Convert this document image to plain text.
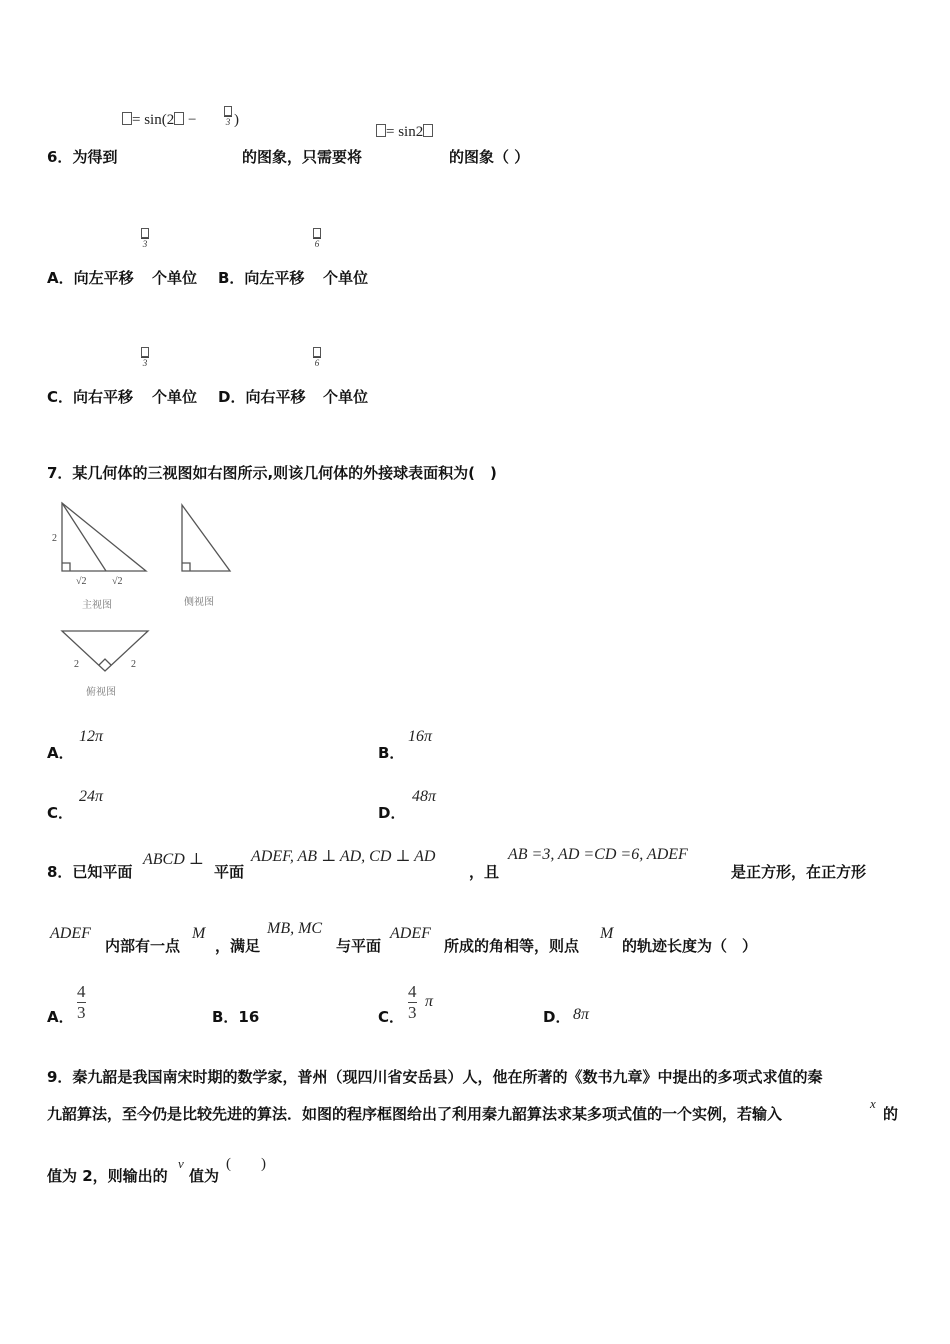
= sin(2 −	3 )
= sin2
6．为得到	的图象，只需要将	的图象（ ）
3	6
A．向左平移 个单位 B．向左平移 个单位
3	6
C．向右平移 个单位 D．向右平移 个单位
7．某几何体的三视图如右图所示,则该几何体的外接球表面积为(　)
2
√2	√2
主视图	侧视图
2	2
俯视图
A．
12π
B．
16π
C．
24π
D．
48π
8．已知平面
ABCD ⊥
平面
ADEF, AB ⊥ AD, CD ⊥ AD
，且
AB =3, AD =CD =6, ADEF
是正方形，在正方形
ADEF
内部有一点
M
，满足
MB, MC
与平面
ADEF
所成的角相等，则点
M
的轨迹长度为（　）
A．
4
3	B．16	C．
4
3
π
D． 8π
9．秦九韶是我国南宋时期的数学家，普州（现四川省安岳县）人，他在所著的《数书九章》中提出的多项式求值的秦
九韶算法，至今仍是比较先进的算法．如图的程序框图给出了利用秦九韶算法求某多项式值的一个实例，若输入
x
的
值为 2，则输出的
v
值为
(　　)
